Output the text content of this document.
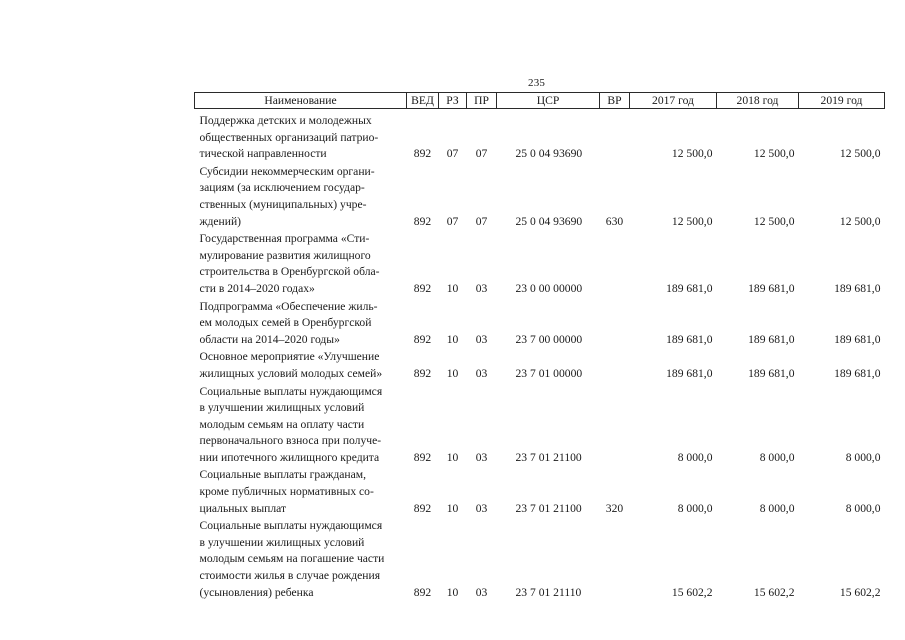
235
Наименование	ВЕД	РЗ	ПР	ЦСР	ВР	2017 год	2018 год	2019 год

Поддержка детских и молодежных
общественных организаций патрио-
тической направленности	892	07	07	25 0 04 93690		12 500,0	12 500,0	12 500,0

Субсидии некоммерческим органи-
зациям (за исключением государ-
ственных (муниципальных) учре-
ждений)	892	07	07	25 0 04 93690	630	12 500,0	12 500,0	12 500,0

Государственная программа «Сти-
мулирование развития жилищного
строительства в Оренбургской обла-
сти в 2014–2020 годах»	892	10	03	23 0 00 00000		189 681,0	189 681,0	189 681,0

Подпрограмма «Обеспечение жиль-
ем молодых семей в Оренбургской
области на 2014–2020 годы»	892	10	03	23 7 00 00000		189 681,0	189 681,0	189 681,0

Основное мероприятие «Улучшение
жилищных условий молодых семей»	892	10	03	23 7 01 00000		189 681,0	189 681,0	189 681,0

Социальные выплаты нуждающимся
в улучшении жилищных условий
молодым семьям на оплату части
первоначального взноса при получе-
нии ипотечного жилищного кредита	892	10	03	23 7 01 21100		8 000,0	8 000,0	8 000,0

Социальные выплаты гражданам,
кроме публичных нормативных со-
циальных выплат	892	10	03	23 7 01 21100	320	8 000,0	8 000,0	8 000,0

Социальные выплаты нуждающимся
в улучшении жилищных условий
молодым семьям на погашение части
стоимости жилья в случае рождения
(усыновления) ребенка	892	10	03	23 7 01 21110		15 602,2	15 602,2	15 602,2
